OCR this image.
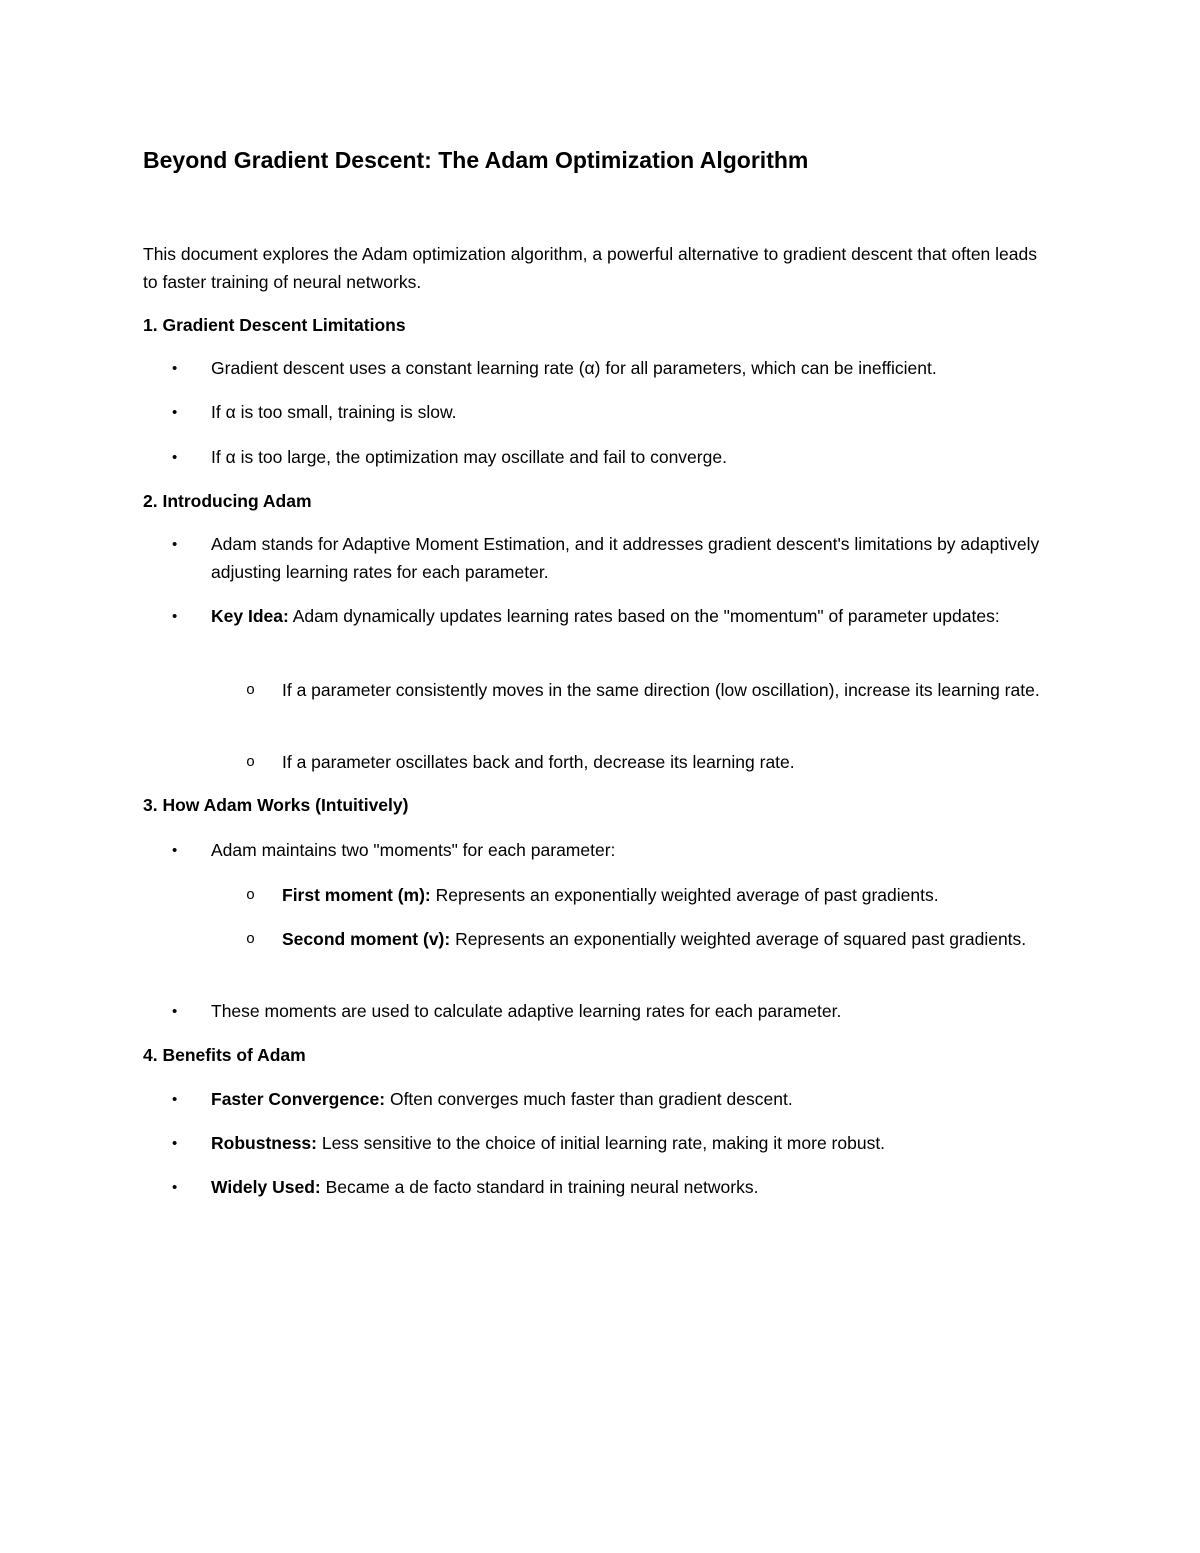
Beyond Gradient Descent: The Adam Optimization Algorithm
This document explores the Adam optimization algorithm, a powerful alternative to gradient descent that often leads to faster training of neural networks.
1. Gradient Descent Limitations
•	Gradient descent uses a constant learning rate (α) for all parameters, which can be inefficient.
•	If α is too small, training is slow.
•	If α is too large, the optimization may oscillate and fail to converge.
2. Introducing Adam
•	Adam stands for Adaptive Moment Estimation, and it addresses gradient descent's limitations by adaptively adjusting learning rates for each parameter.
•	Key Idea: Adam dynamically updates learning rates based on the "momentum" of parameter updates:
o If a parameter consistently moves in the same direction (low oscillation), increase its learning rate.
o If a parameter oscillates back and forth, decrease its learning rate.
3. How Adam Works (Intuitively)
•	Adam maintains two "moments" for each parameter:
o First moment (m): Represents an exponentially weighted average of past gradients.
o Second moment (v): Represents an exponentially weighted average of squared past gradients.
•	These moments are used to calculate adaptive learning rates for each parameter.
4. Benefits of Adam
•	Faster Convergence: Often converges much faster than gradient descent.
•	Robustness: Less sensitive to the choice of initial learning rate, making it more robust.
•	Widely Used: Became a de facto standard in training neural networks.
